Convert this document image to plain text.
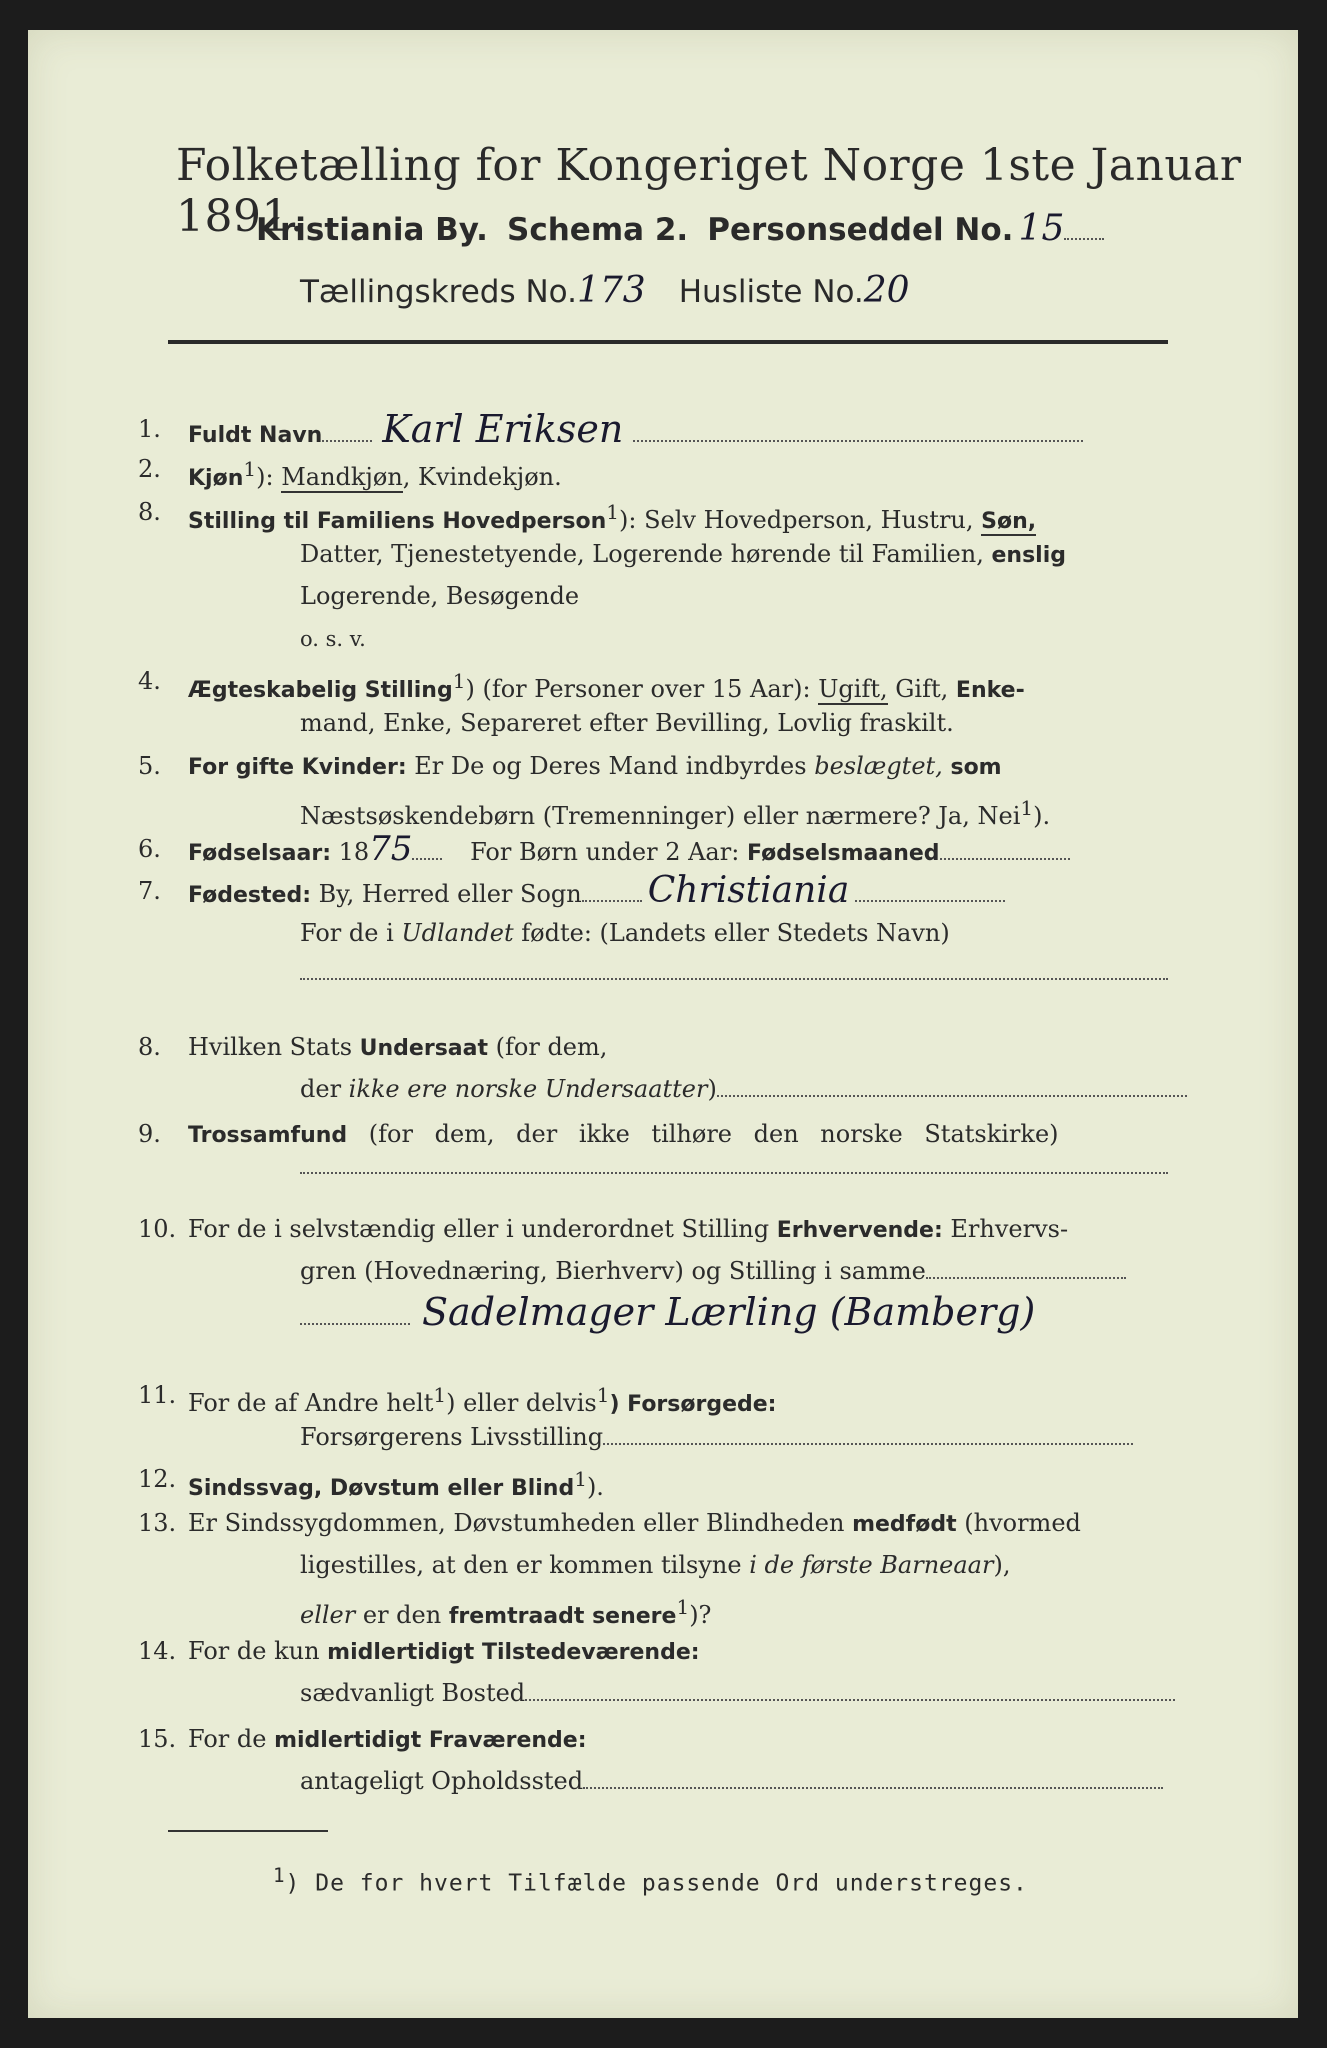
Folketælling for Kongeriget Norge 1ste Januar 1891.
Kristiania By. Schema 2. Personseddel No. 15
Tællingskreds No.173 Husliste No.20
1.	Fuldt Navn Karl Eriksen
2.	Kjøn$^1$): Mandkjøn, Kvindekjøn.
8.	Stilling til Familiens Hovedperson$^1$): Selv Hovedperson, Hustru, Søn,
Datter, Tjenestetyende, Logerende hørende til Familien, enslig
Logerende, Besøgende
o. s. v.
4.	Ægteskabelig Stilling$^1$) (for Personer over 15 Aar): Ugift, Gift, Enke-
mand, Enke, Separeret efter Bevilling, Lovlig fraskilt.
5.	For gifte Kvinder: Er De og Deres Mand indbyrdes beslægtet, som
Næstsøskendebørn (Tremenninger) eller nærmere? Ja, Nei$^1$).
6.	Fødselsaar: 1875 For Børn under 2 Aar: Fødselsmaaned
7.	Fødested: By, Herred eller Sogn Christiania
For de i Udlandet fødte: (Landets eller Stedets Navn)
8.	Hvilken Stats Undersaat (for dem,
der ikke ere norske Undersaatter)
9.	Trossamfund (for dem, der ikke tilhøre den norske Statskirke)
10. For de i selvstændig eller i underordnet Stilling Erhvervende: Erhvervs-
gren (Hovednæring, Bierhverv) og Stilling i samme
Sadelmager Lærling (Bamberg)
11. For de af Andre helt$^1$) eller delvis$^1$) Forsørgede:
Forsørgerens Livsstilling
12. Sindssvag, Døvstum eller Blind$^1$).
13. Er Sindssygdommen, Døvstumheden eller Blindheden medfødt (hvormed
ligestilles, at den er kommen tilsyne i de første Barneaar),
eller er den fremtraadt senere$^1$)?
14. For de kun midlertidigt Tilstedeværende:
sædvanligt Bosted
15. For de midlertidigt Fraværende:
antageligt Opholdssted
$^1$) De for hvert Tilfælde passende Ord understreges.
